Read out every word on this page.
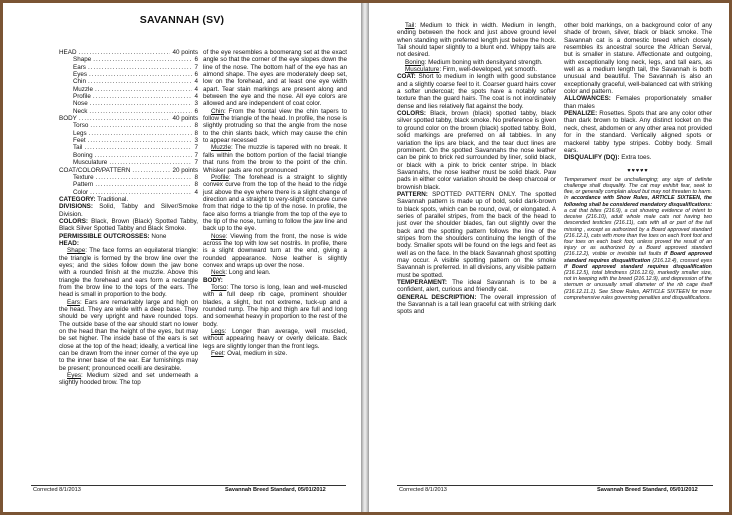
SAVANNAH (SV)
HEAD .....	40 points
Shape .....	6
Ears .....	7
Eyes .....	6
Chin .....	4
Muzzle .....	4
Profile .....	4
Nose .....	3
Neck .....	6
BODY .....	40 points
Torso .....	8
Legs .....	8
Feet .....	3
Tail .....	7
Boning .....	7
Musculature .....	7
COAT/COLOR/PATTERN .....	20 points
Texture .....	8
Pattern .....	8
Color .....	4

CATEGORY: Traditional.

DIVISIONS: Solid, Tabby and Silver/Smoke Division.

COLORS: Black, Brown (Black) Spotted Tabby, Black Silver Spotted Tabby and Black Smoke.

PERMISSIBLE OUTCROSSES: None

HEAD:

Shape: The face forms an equilateral triangle: the triangle is formed by the brow line over the eyes; and the sides follow down the jaw bone with a rounded finish at the muzzle. Above this triangle the forehead and ears form a rectangle from the brow line to the tops of the ears. The head is small in proportion to the body.

Ears: Ears are remarkably large and high on the head. They are wide with a deep base. They should be very upright and have rounded tops. The outside base of the ear should start no lower on the head than the height of the eyes, but may be set higher. The inside base of the ears is set close at the top of the head; ideally, a vertical line can be drawn from the inner corner of the eye up to the inner base of the ear. Ear furnishings may be present; pronounced ocelli are desirable.

Eyes: Medium sized and set underneath a slightly hooded brow. The top

of the eye resembles a boomerang set at the exact angle so that the corner of the eye slopes down the line of the nose. The bottom half of the eye has an almond shape. The eyes are moderately deep set, low on the forehead, and at least one eye width apart. Tear stain markings are present along and between the eye and the nose. All eye colors are allowed and are independent of coat color.

Chin: From the frontal view the chin tapers to follow the triangle of the head. In profile, the nose is slightly protruding so that the angle from the nose to the chin slants back, which may cause the chin to appear recessed

Muzzle: The muzzle is tapered with no break. It falls within the bottom portion of the facial triangle that runs from the brow to the point of the chin. Whisker pads are not pronounced

Profile: The forehead is a straight to slightly convex curve from the top of the head to the ridge just above the eye where there is a slight change of direction and a straight to very-slight concave curve from that ridge to the tip of the nose. In profile, the face also forms a triangle from the top of the eye to the tip of the nose, turning to follow the jaw line and back up to the eye.

Nose: Viewing from the front, the nose is wide across the top with low set nostrils. In profile, there is a slight downward turn at the end, giving a rounded appearance. Nose leather is slightly convex and wraps up over the nose.

Neck: Long and lean.

BODY:

Torso: The torso is long, lean and well-muscled with a full deep rib cage, prominent shoulder blades, a slight, but not extreme, tuck-up and a rounded rump. The hip and thigh are full and long and somewhat heavy in proportion to the rest of the body.

Legs: Longer than average, well muscled, without appearing heavy or overly delicate. Back legs are slightly longer than the front legs.

Feet: Oval, medium in size.

Corrected 8/1/2013	Savannah Breed Standard, 05/01/2012

Tail: Medium to thick in width. Medium in length, ending between the hock and just above ground level when standing with preferred length just below the hock. Tail should taper slightly to a blunt end. Whippy tails are not desired.

Boning: Medium boning with densityand strength.

Musculature: Firm, well-developed, yet smooth.

COAT: Short to medium in length with good substance and a slightly coarse feel to it. Coarser guard hairs cover a softer undercoat; the spots have a notably softer texture than the guard hairs. The coat is not inordinately dense and lies relatively flat against the body.

COLORS: Black, brown (black) spotted tabby, black silver spotted tabby, black smoke. No preference is given to ground color on the brown (black) spotted tabby. Bold, solid markings are preferred on all tabbies. In any variation the lips are black, and the tear duct lines are prominent. On the spotted Savannahs the nose leather can be pink to brick red surrounded by liner, solid black, or black with a pink to brick center stripe. In black Savannahs, the nose leather must be solid black. Paw pads in either color variation should be deep charcoal or brownish black.

PATTERN: SPOTTED PATTERN ONLY. The spotted Savannah pattern is made up of bold, solid dark-brown to black spots, which can be round, oval, or elongated. A series of parallel stripes, from the back of the head to just over the shoulder blades, fan out slightly over the back and the spotting pattern follows the line of the stripes from the shoulders continuing the length of the body. Smaller spots will be found on the legs and feet as well as on the face. In the black Savannah ghost spotting may occur. A visible spotting pattern on the smoke Savannah is preferred. In all divisions, any visible pattern must be spotted.

TEMPERAMENT: The ideal Savannah is to be a confident, alert, curious and friendly cat.

GENERAL DESCRIPTION: The overall impression of the Savannah is a tall lean graceful cat with striking dark spots and

other bold markings, on a background color of any shade of brown, silver, black or black smoke. The Savannah cat is a domestic breed which closely resembles its ancestral source the African Serval, but is smaller in stature. Affectionate and outgoing, with exceptionally long neck, legs, and tall ears, as well as a medium length tail, the Savannah is both unusual and beautiful. The Savannah is also an exceptionally graceful, well-balanced cat with striking color and pattern.

ALLOWANCES: Females proportionately smaller than males

PENALIZE: Rosettes. Spots that are any color other than dark brown to black. Any distinct locket on the neck, chest, abdomen or any other area not provided for in the standard. Vertically aligned spots or mackerel tabby type stripes. Cobby body. Small ears.

DISQUALIFY (DQ): Extra toes.

♥♥♥♥♥

Temperament must be unchallenging; any sign of definite challenge shall disqualify. The cat may exhibit fear, seek to flee, or generally complain aloud but may not threaten to harm. In accordance with Show Rules, ARTICLE SIXTEEN, the following shall be considered mandatory disqualifications: a cat that bites (216.9), a cat showing evidence of intent to deceive (216.10), adult whole male cats not having two descended testicles (216.11), cats with all or part of the tail missing , except as authorized by a Board approved standard (216.12.1), cats with more than five toes on each front foot and four toes on each back foot, unless proved the result of an injury or as authorized by a Board approved standard (216.12.2), visible or invisible tail faults if Board approved standard requires disqualification (216.12.4), crossed eyes if Board approved standard requires disqualification (216.12.5), total blindness (216.12.6), markedly smaller size, not in keeping with the breed (216.12.9), and depression of the sternum or unusually small diameter of the rib cage itself (216.12.11.1). See Show Rules, ARTICLE SIXTEEN for more comprehensive rules governing penalties and disqualifications.

Corrected 8/1/2013	Savannah Breed Standard, 05/01/2012
